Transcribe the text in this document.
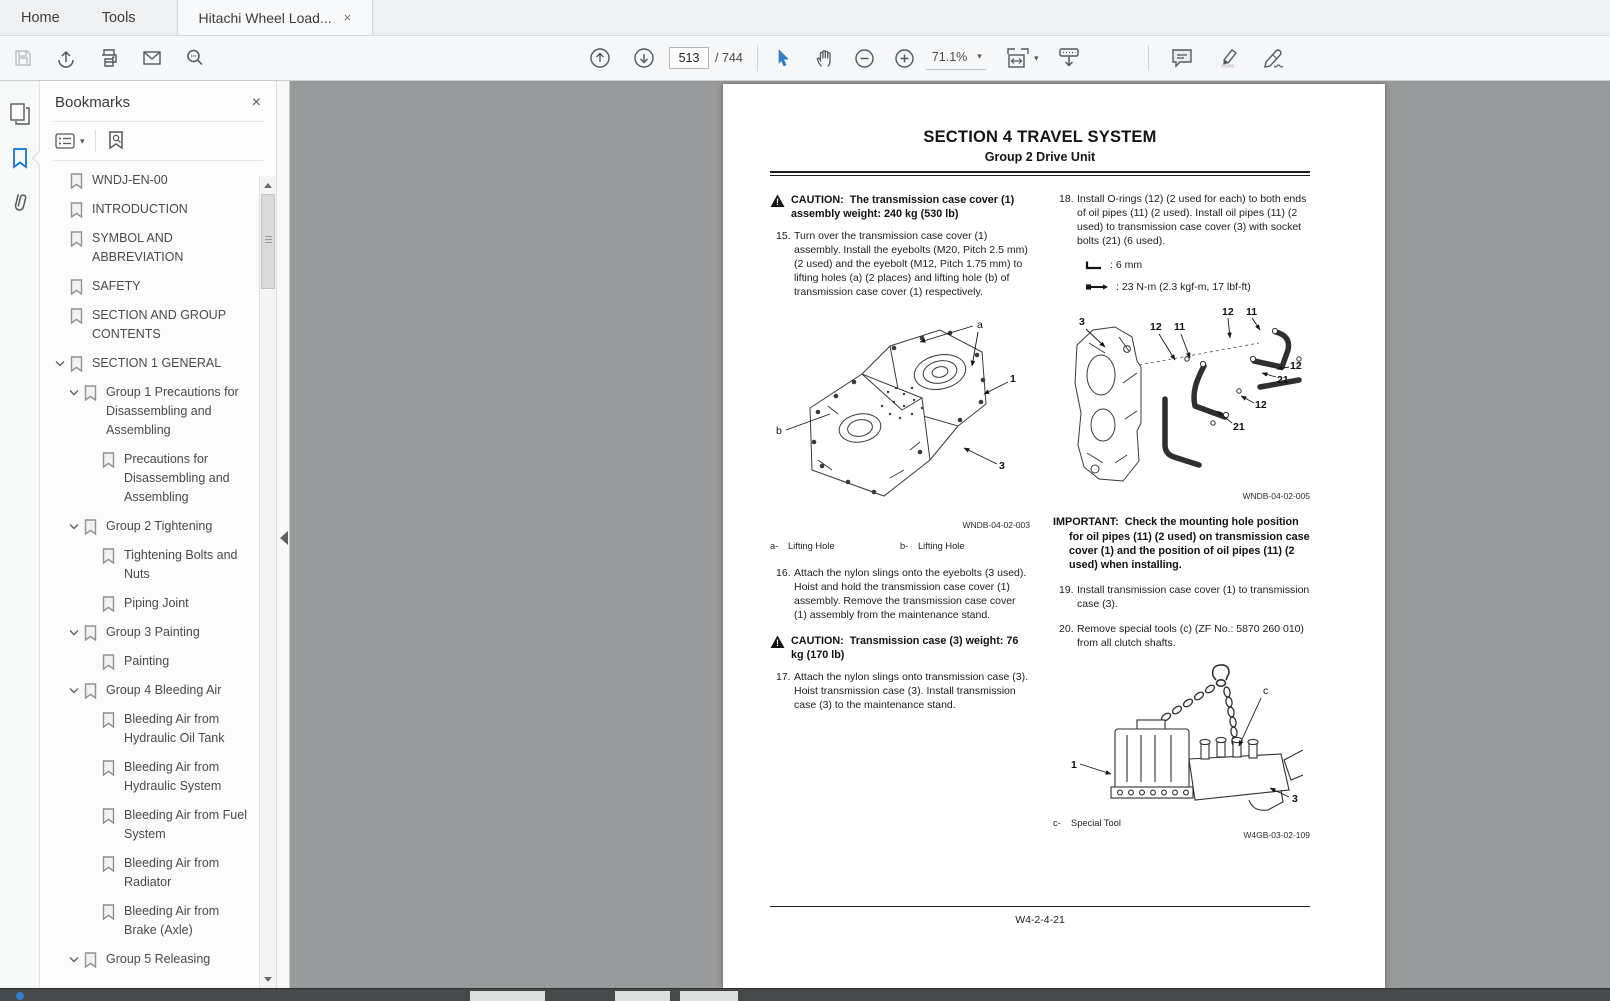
Home	Tools	Hitachi Wheel Load... ×
513
/ 744	71.1% ▾	▾
Bookmarks	×
▾
WNDJ-EN-00
INTRODUCTION
SYMBOL AND ABBREVIATION
SAFETY
SECTION AND GROUP CONTENTS
SECTION 1 GENERAL
Group 1 Precautions for Disassembling and Assembling
Precautions for Disassembling and Assembling
Group 2 Tightening
Tightening Bolts and Nuts
Piping Joint
Group 3 Painting
Painting
Group 4 Bleeding Air
Bleeding Air from Hydraulic Oil Tank
Bleeding Air from Hydraulic System
Bleeding Air from Fuel System
Bleeding Air from Radiator
Bleeding Air from Brake (Axle)
Group 5 Releasing
SECTION 4 TRAVEL SYSTEM
Group 2 Drive Unit
! CAUTION: The transmission case cover (1) assembly weight: 240 kg (530 lb)
15. Turn over the transmission case cover (1) assembly. Install the eyebolts (M20, Pitch 2.5 mm) (2 used) and the eyebolt (M12, Pitch 1.75 mm) to lifting holes (a) (2 places) and lifting hole (b) of transmission case cover (1) respectively.
a
1
b
3
WNDB-04-02-003
a-	Lifting Hole	b-	Lifting Hole
16. Attach the nylon slings onto the eyebolts (3 used). Hoist and hold the transmission case cover (1) assembly. Remove the transmission case cover (1) assembly from the maintenance stand.
! CAUTION: Transmission case (3) weight: 76 kg (170 lb)
17. Attach the nylon slings onto transmission case (3). Hoist transmission case (3). Install transmission case (3) to the maintenance stand.
18. Install O-rings (12) (2 used for each) to both ends of oil pipes (11) (2 used). Install oil pipes (11) (2 used) to transmission case cover (3) with socket bolts (21) (6 used).
: 6 mm
: 23 N-m (2.3 kgf-m, 17 lbf-ft)
3	12 11
12 11
12
21
12
21
WNDB-04-02-005
IMPORTANT: Check the mounting hole position for oil pipes (11) (2 used) on transmission case cover (1) and the position of oil pipes (11) (2 used) when installing.
19. Install transmission case cover (1) to transmission case (3).
20. Remove special tools (c) (ZF No.: 5870 260 010) from all clutch shafts.
1
c
3
c-	Special Tool
W4GB-03-02-109
W4-2-4-21
